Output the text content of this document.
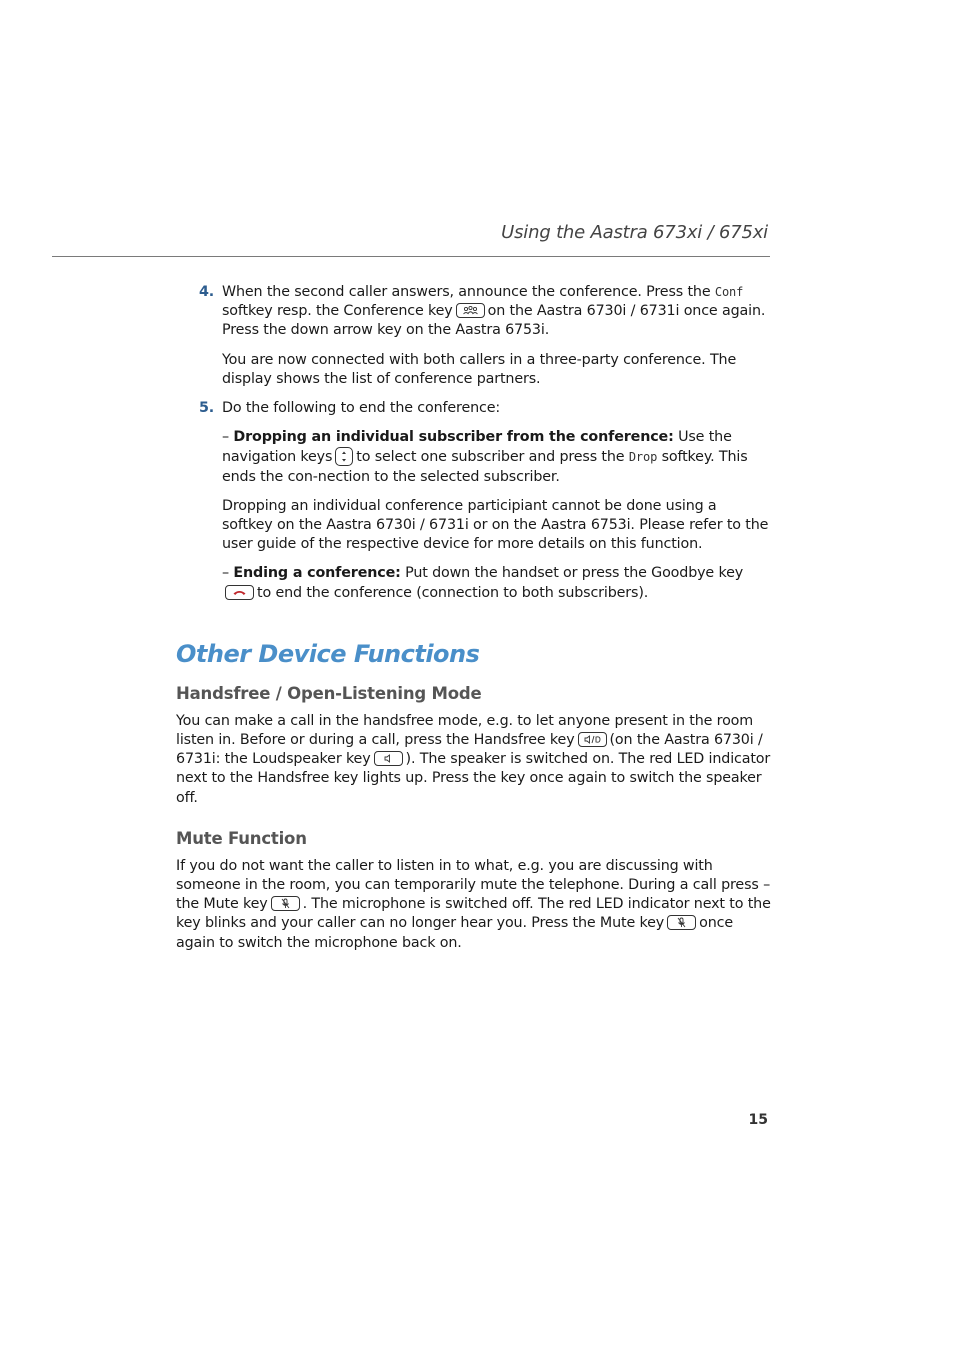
Using the Aastra 673xi / 675xi
4. When the second caller answers, announce the conference. Press the Conf softkey resp. the Conference key on the Aastra 6730i / 6731i once again. Press the down arrow key on the Aastra 6753i.

You are now connected with both callers in a three-party conference. The display shows the list of conference partners.

5. Do the following to end the conference:

– Dropping an individual subscriber from the conference: Use the navigation keys to select one subscriber and press the Drop softkey. This ends the con-nection to the selected subscriber.

Dropping an individual conference participiant cannot be done using a softkey on the Aastra 6730i / 6731i or on the Aastra 6753i. Please refer to the user guide of the respective device for more details on this function.

– Ending a conference: Put down the handset or press the Goodbye key
to end the conference (connection to both subscribers).

Other Device Functions
Handsfree / Open-Listening Mode

You can make a call in the handsfree mode, e.g. to let anyone present in the room listen in. Before or during a call, press the Handsfree key (on the Aastra 6730i / 6731i: the Loudspeaker key ). The speaker is switched on. The red LED indicator next to the Handsfree key lights up. Press the key once again to switch the speaker off.

Mute Function

If you do not want the caller to listen in to what, e.g. you are discussing with someone in the room, you can temporarily mute the telephone. During a call press – the Mute key . The microphone is switched off. The red LED indicator next to the key blinks and your caller can no longer hear you. Press the Mute key once again to switch the microphone back on.

15
